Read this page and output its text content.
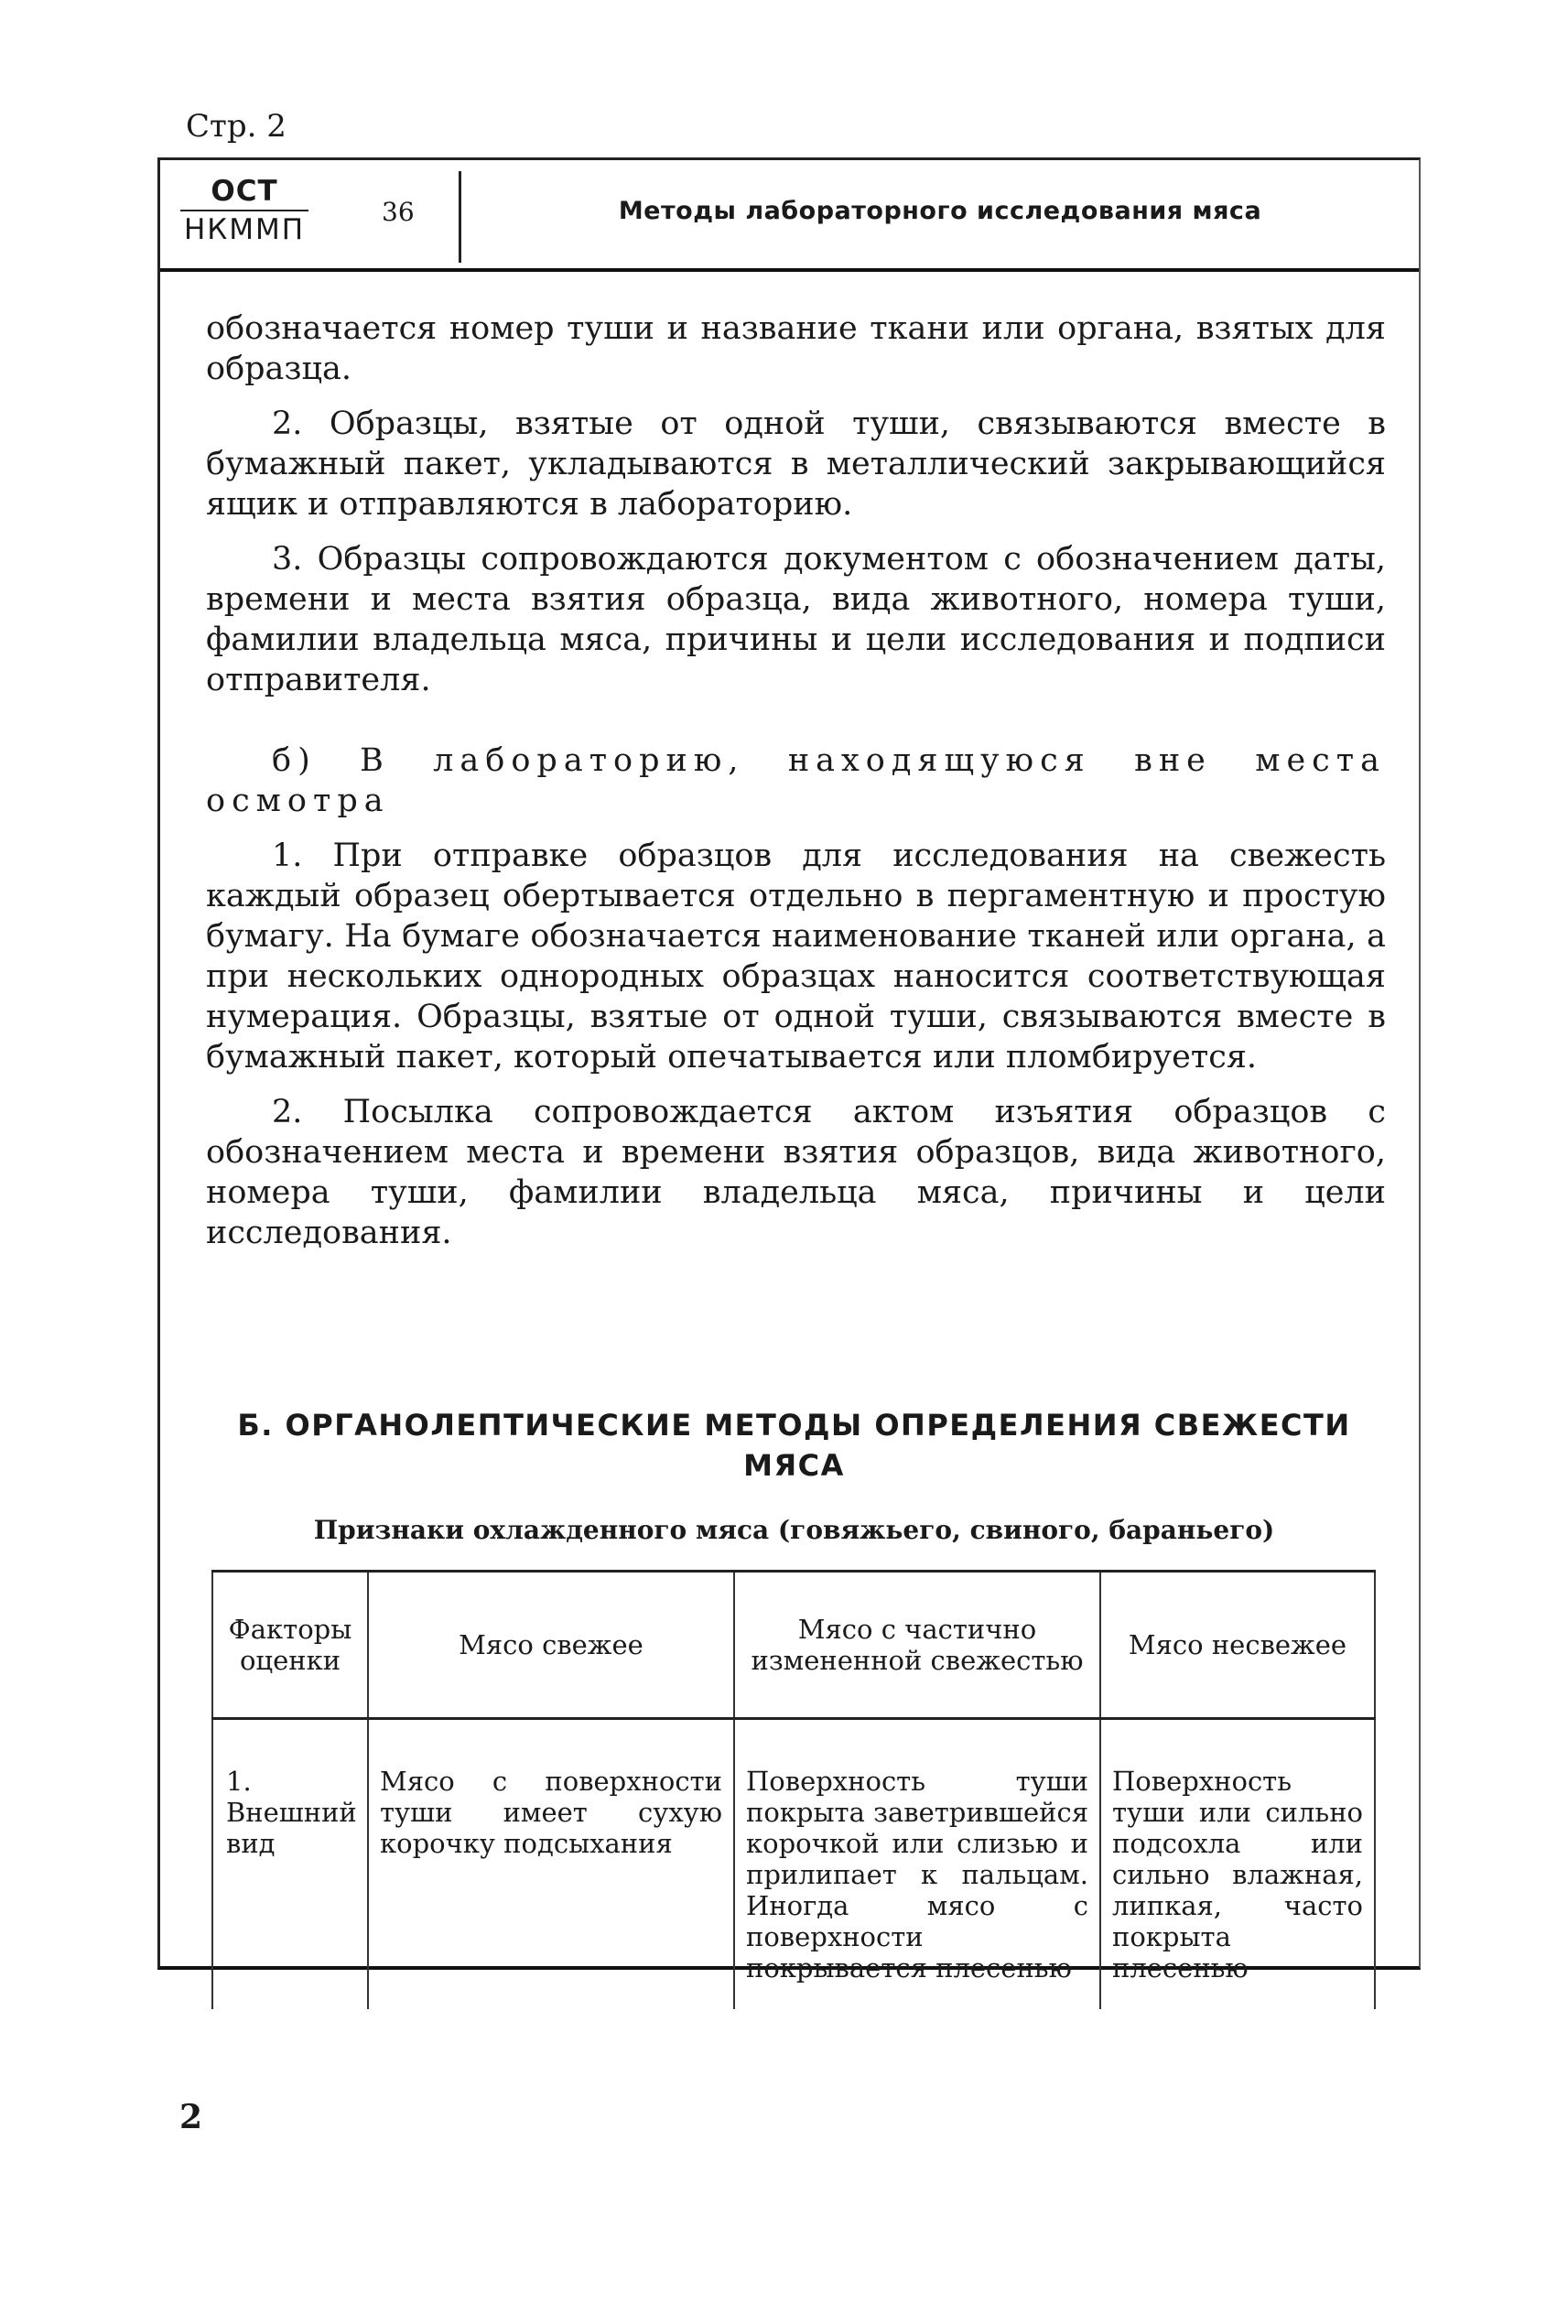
Стр. 2
ОСТ
НКММП
36	Методы лабораторного исследования мяса

обозначается номер туши и название ткани или органа, взятых для образца.

2. Образцы, взятые от одной туши, связываются вместе в бумажный пакет, укладываются в металлический закрывающийся ящик и отправляются в лабораторию.

3. Образцы сопровождаются документом с обозначением даты, времени и места взятия образца, вида животного, номера туши, фамилии владельца мяса, причины и цели исследования и подписи отправителя.

б) В лабораторию, находящуюся вне места осмотра

1. При отправке образцов для исследования на свежесть каждый образец обертывается отдельно в пергаментную и простую бумагу. На бумаге обозначается наименование тканей или органа, а при нескольких однородных образцах наносится соответствующая нумерация. Образцы, взятые от одной туши, связываются вместе в бумажный пакет, который опечатывается или пломбируется.

2. Посылка сопровождается актом изъятия образцов с обозначением места и времени взятия образцов, вида животного, номера туши, фамилии владельца мяса, причины и цели исследования.

Б. ОРГАНОЛЕПТИЧЕСКИЕ МЕТОДЫ ОПРЕДЕЛЕНИЯ СВЕЖЕСТИ МЯСА
Признаки охлажденного мяса (говяжьего, свиного, бараньего)
Факторы оценки	Мясо свежее	Мясо с частично измененной свежестью	Мясо несвежее
1. Внешний вид	Мясо с поверхности туши имеет сухую корочку подсыхания	Поверхность туши покрыта заветрившейся корочкой или слизью и прилипает к пальцам. Иногда мясо с поверхности покрывается плесенью	Поверхность туши или сильно подсохла или сильно влажная, липкая, часто покрыта плесенью
2
